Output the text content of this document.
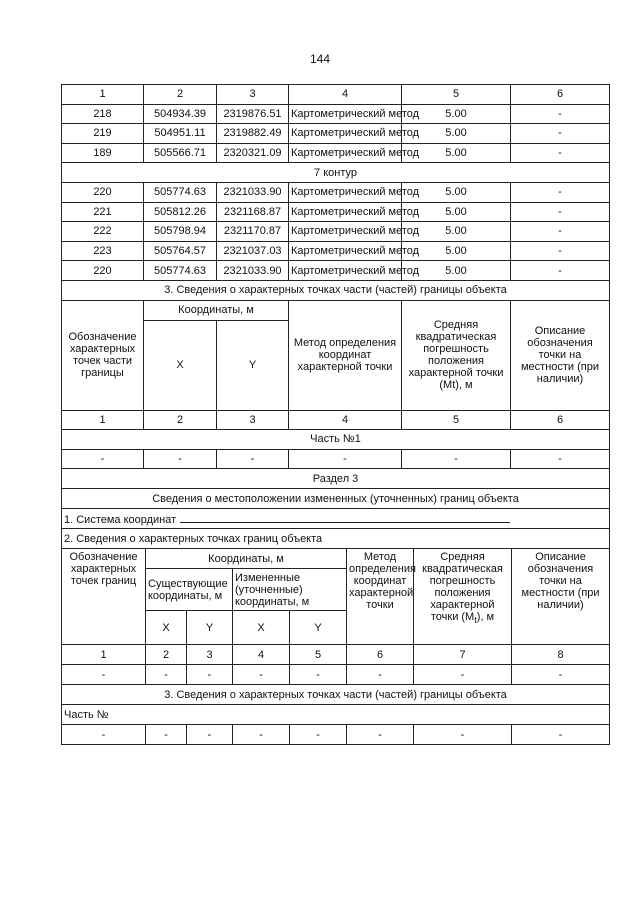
144
1	2	3	4	5	6
218	504934.39	2319876.51	Картометрический метод	5.00	-
219	504951.11	2319882.49	Картометрический метод	5.00	-
189	505566.71	2320321.09	Картометрический метод	5.00	-
7 контур					
220	505774.63	2321033.90	Картометрический метод	5.00	-
221	505812.26	2321168.87	Картометрический метод	5.00	-
222	505798.94	2321170.87	Картометрический метод	5.00	-
223	505764.57	2321037.03	Картометрический метод	5.00	-
220	505774.63	2321033.90	Картометрический метод	5.00	-
3. Сведения о характерных точках части (частей) границы объекта					
Обозначение характерных точек части границы	Координаты, м		Метод определения координат характерной точки	Средняя квадратическая погрешность положения характерной точки (Mt), м	Описание обозначения точки на местности (при наличии)
	X	Y			
1	2	3	4	5	6
Часть №1					
-	-	-	-	-	-
Раздел 3							
Сведения о местоположении измененных (уточненных) границ объекта							
1. Система координат							
2. Сведения о характерных точках границ объекта							
Обозначение характерных точек границ	Координаты, м				Метод определения координат характерной точки	Средняя квадратическая погрешность положения характерной точки $(M_t)$, м	Описание обозначения точки на местности (при наличии)
	Существующие координаты, м		Измененные (уточненные) координаты, м				
	X	Y	X	Y			
1	2	3	4	5	6	7	8
-	-	-	-	-	-	-	-
3. Сведения о характерных точках части (частей) границы объекта							
Часть №							
-	-	-	-	-	-	-	-
